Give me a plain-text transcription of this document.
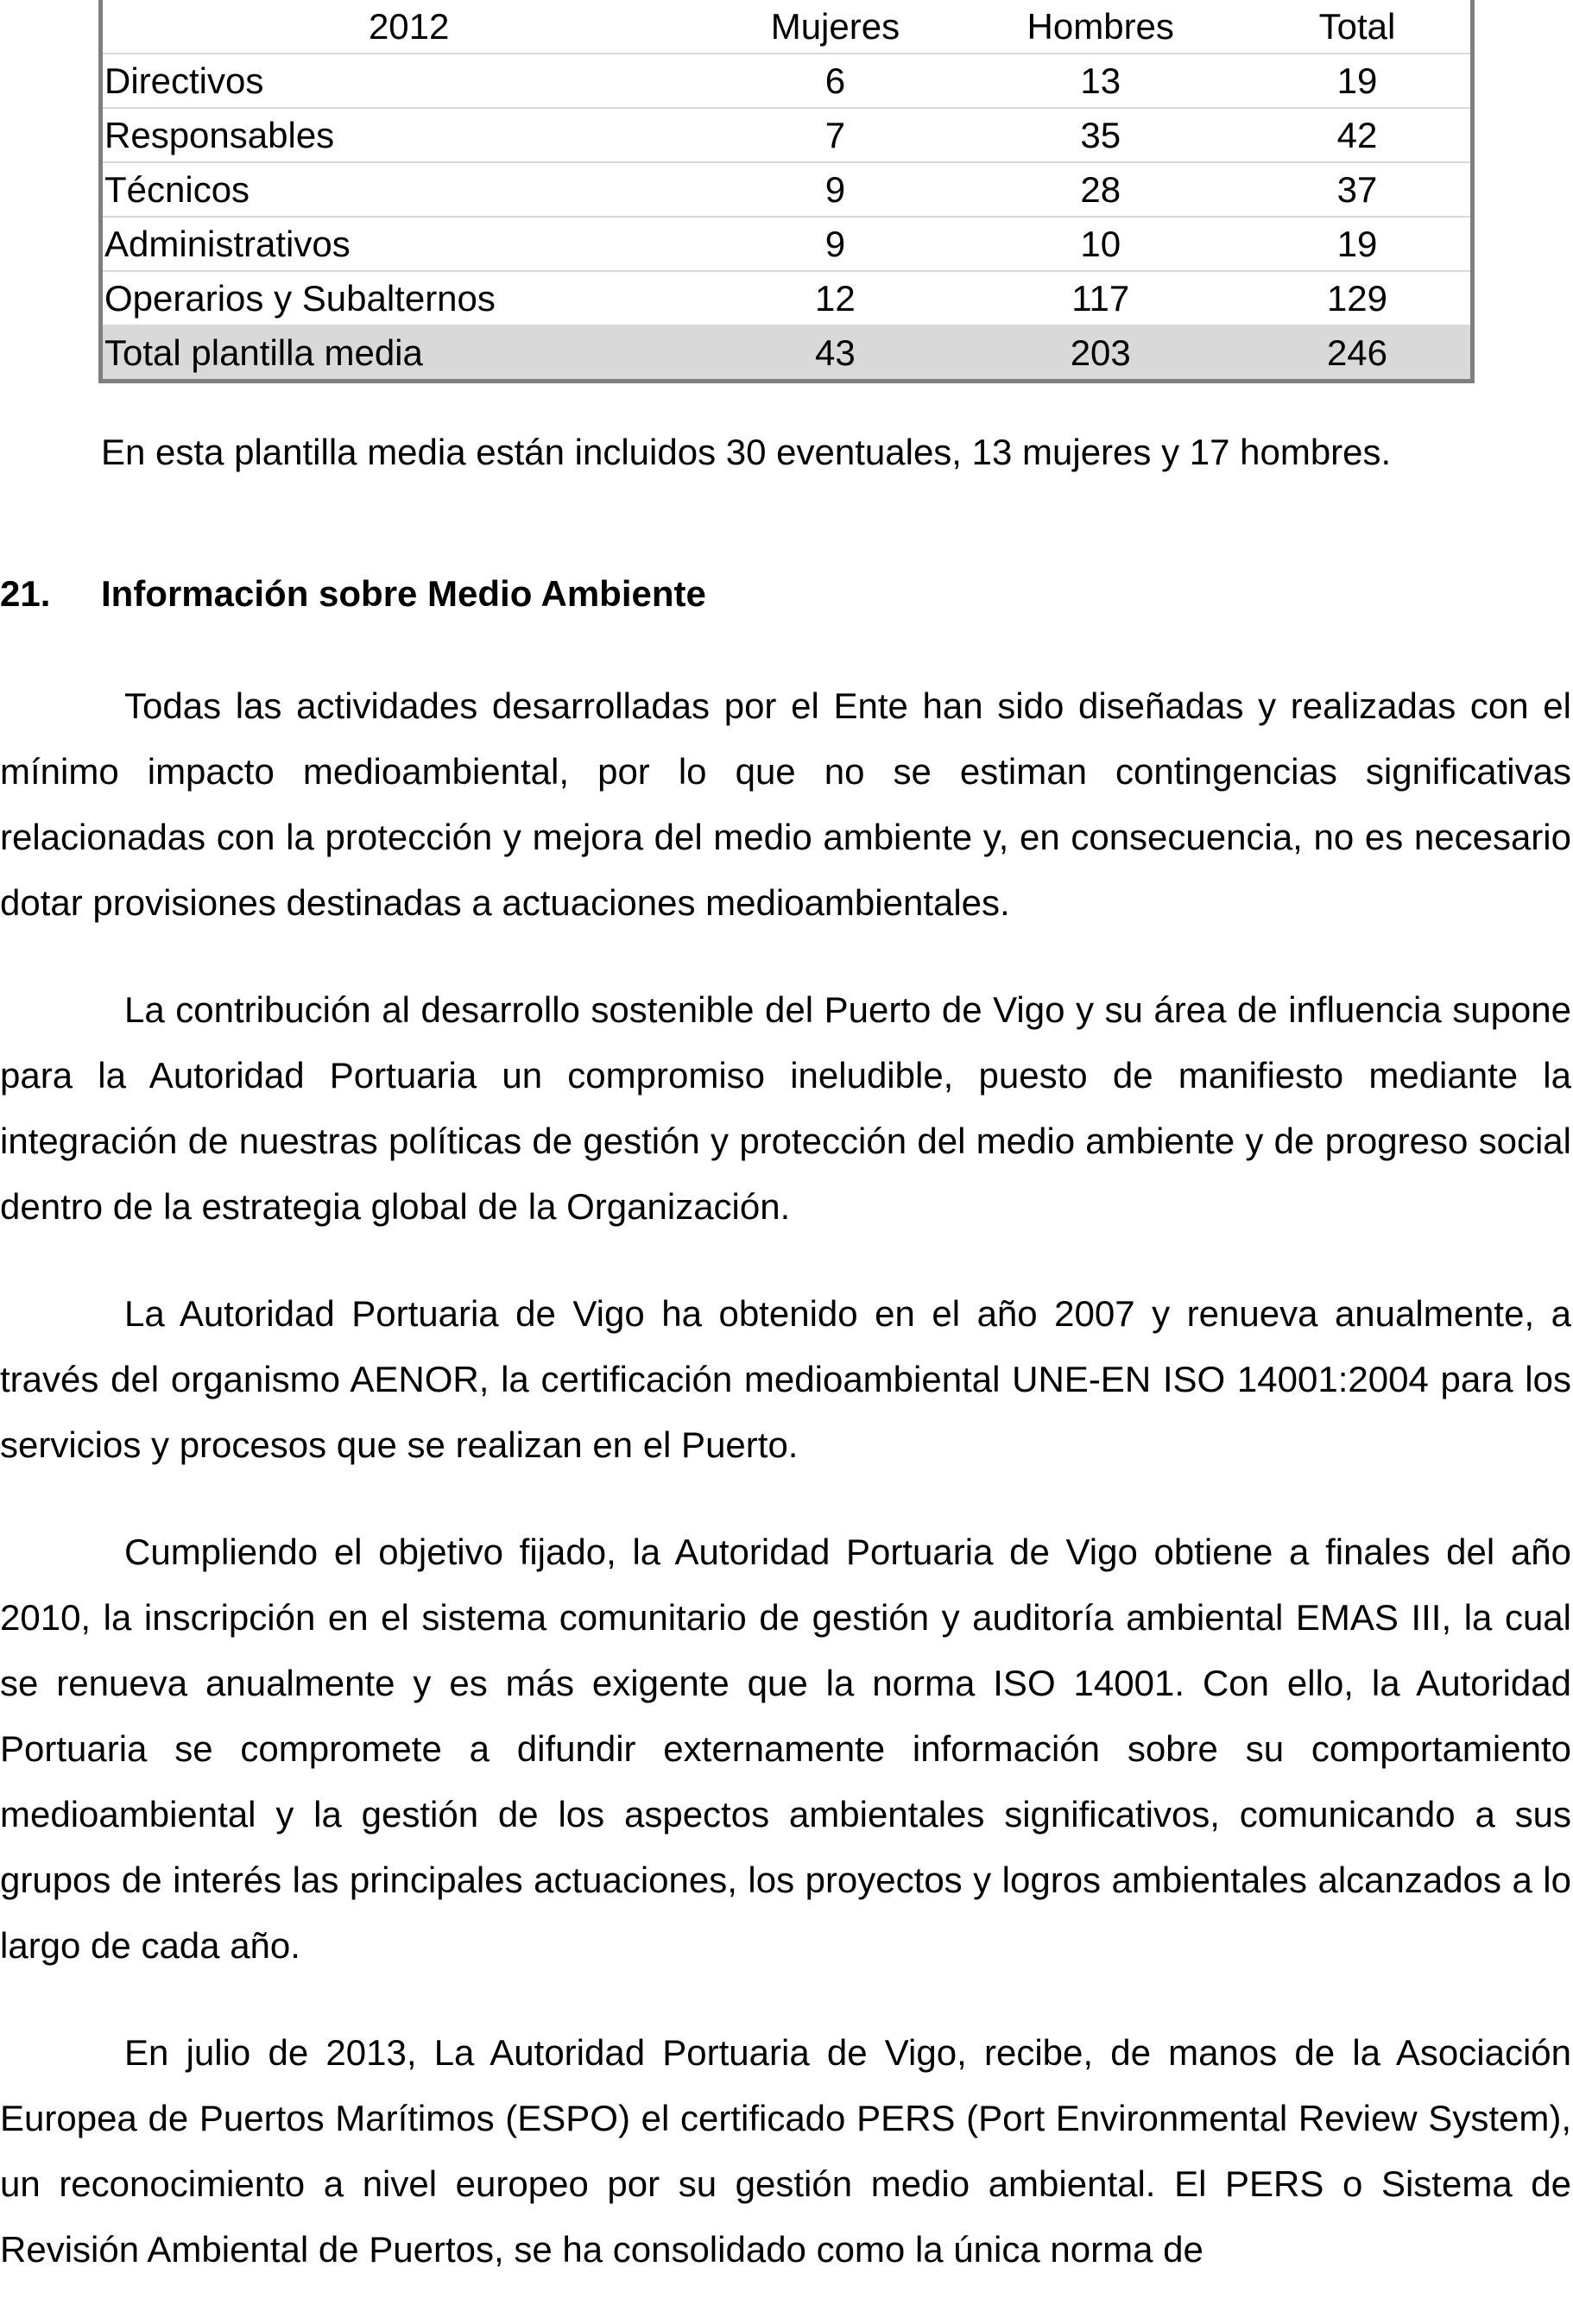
2012	Mujeres	Hombres	Total
Directivos	6	13	19
Responsables	7	35	42
Técnicos	9	28	37
Administrativos	9	10	19
Operarios y Subalternos	12	117	129
Total plantilla media	43	203	246
En esta plantilla media están incluidos 30 eventuales, 13 mujeres y 17 hombres.
21. Información sobre Medio Ambiente

Todas las actividades desarrolladas por el Ente han sido diseñadas y realizadas con el mínimo impacto medioambiental, por lo que no se estiman contingencias significativas relacionadas con la protección y mejora del medio ambiente y, en consecuencia, no es necesario dotar provisiones destinadas a actuaciones medioambientales.

La contribución al desarrollo sostenible del Puerto de Vigo y su área de influencia supone para la Autoridad Portuaria un compromiso ineludible, puesto de manifiesto mediante la integración de nuestras políticas de gestión y protección del medio ambiente y de progreso social dentro de la estrategia global de la Organización.

La Autoridad Portuaria de Vigo ha obtenido en el año 2007 y renueva anualmente, a través del organismo AENOR, la certificación medioambiental UNE-EN ISO 14001:2004 para los servicios y procesos que se realizan en el Puerto.

Cumpliendo el objetivo fijado, la Autoridad Portuaria de Vigo obtiene a finales del año 2010, la inscripción en el sistema comunitario de gestión y auditoría ambiental EMAS III, la cual se renueva anualmente y es más exigente que la norma ISO 14001. Con ello, la Autoridad Portuaria se compromete a difundir externamente información sobre su comportamiento medioambiental y la gestión de los aspectos ambientales significativos, comunicando a sus grupos de interés las principales actuaciones, los proyectos y logros ambientales alcanzados a lo largo de cada año.

En julio de 2013, La Autoridad Portuaria de Vigo, recibe, de manos de la Asociación Europea de Puertos Marítimos (ESPO) el certificado PERS (Port Environmental Review System), un reconocimiento a nivel europeo por su gestión medio ambiental. El PERS o Sistema de Revisión Ambiental de Puertos, se ha consolidado como la única norma de
